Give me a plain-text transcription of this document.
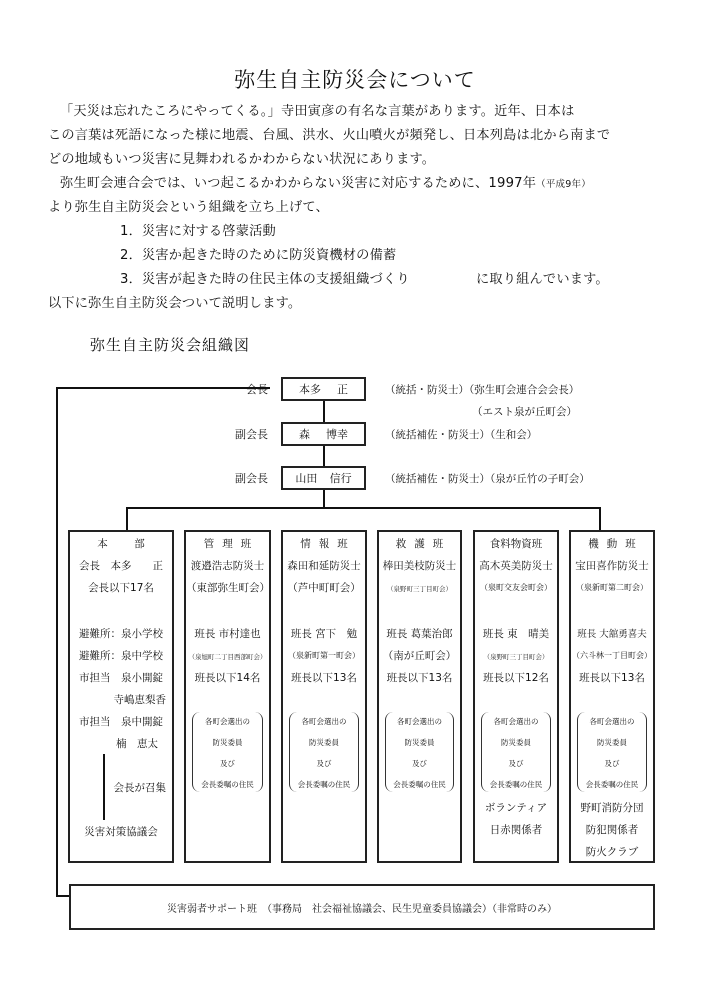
弥生自主防災会について
「天災は忘れたころにやってくる。」寺田寅彦の有名な言葉があります。近年、日本は
この言葉は死語になった様に地震、台風、洪水、火山噴火が頻発し、日本列島は北から南まで
どの地域もいつ災害に見舞われるかわからない状況にあります。
弥生町会連合会では、いつ起こるかわからない災害に対応するために、1997年（平成9年）
より弥生自主防災会という組織を立ち上げて、
1．災害に対する啓蒙活動
2．災害か起きた時のために防災資機材の備蓄
3．災害が起きた時の住民主体の支援組織づくり	に取り組んでいます。
以下に弥生自主防災会ついて説明します。
弥生自主防災会組織図
会長	本多 正	（統括・防災士）（弥生町会連合会会長）
（エスト泉が丘町会）
副会長	森 博幸	（統括補佐・防災士）（生和会）
副会長 山田 信行	（統括補佐・防災士）（泉が丘竹の子町会）
本　部
会長　本多　　正
会長以下17名
避難所：泉小学校
避難所：泉中学校
市担当　泉小開錠
寺嶋恵梨香
市担当　泉中開錠
楠　恵太
会長が召集
災害対策協議会
管理班
渡邉浩志防災士
（東部弥生町会）
班長 市村達也
（泉旭町二丁目西部町会）
班長以下14名
各町会選出の
防災委員
及び
会長委嘱の住民
情報班
森田和延防災士
（芦中町町会）
班長 宮下　勉
（泉新町第一町会）
班長以下13名
各町会選出の
防災委員
及び
会長委嘱の住民
救護班
棒田美枝防災士
（泉野町三丁目町会）
班長 葛葉治郎
（南が丘町会）
班長以下13名
各町会選出の
防災委員
及び
会長委嘱の住民
食料物資班
高木英美防災士
（泉町交友会町会）
班長 東　晴美
（泉野町三丁目町会）
班長以下12名
各町会選出の
防災委員
及び
会長委嘱の住民
ボランティア
日赤関係者
機動班
宝田喜作防災士
（泉新町第二町会）
班長 大舘勇喜夫
（六斗林一丁目町会）
班長以下13名
各町会選出の
防災委員
及び
会長委嘱の住民
野町消防分団
防犯関係者
防火クラブ
災害弱者サポート班　（事務局　社会福祉協議会、民生児童委員協議会）（非常時のみ）
